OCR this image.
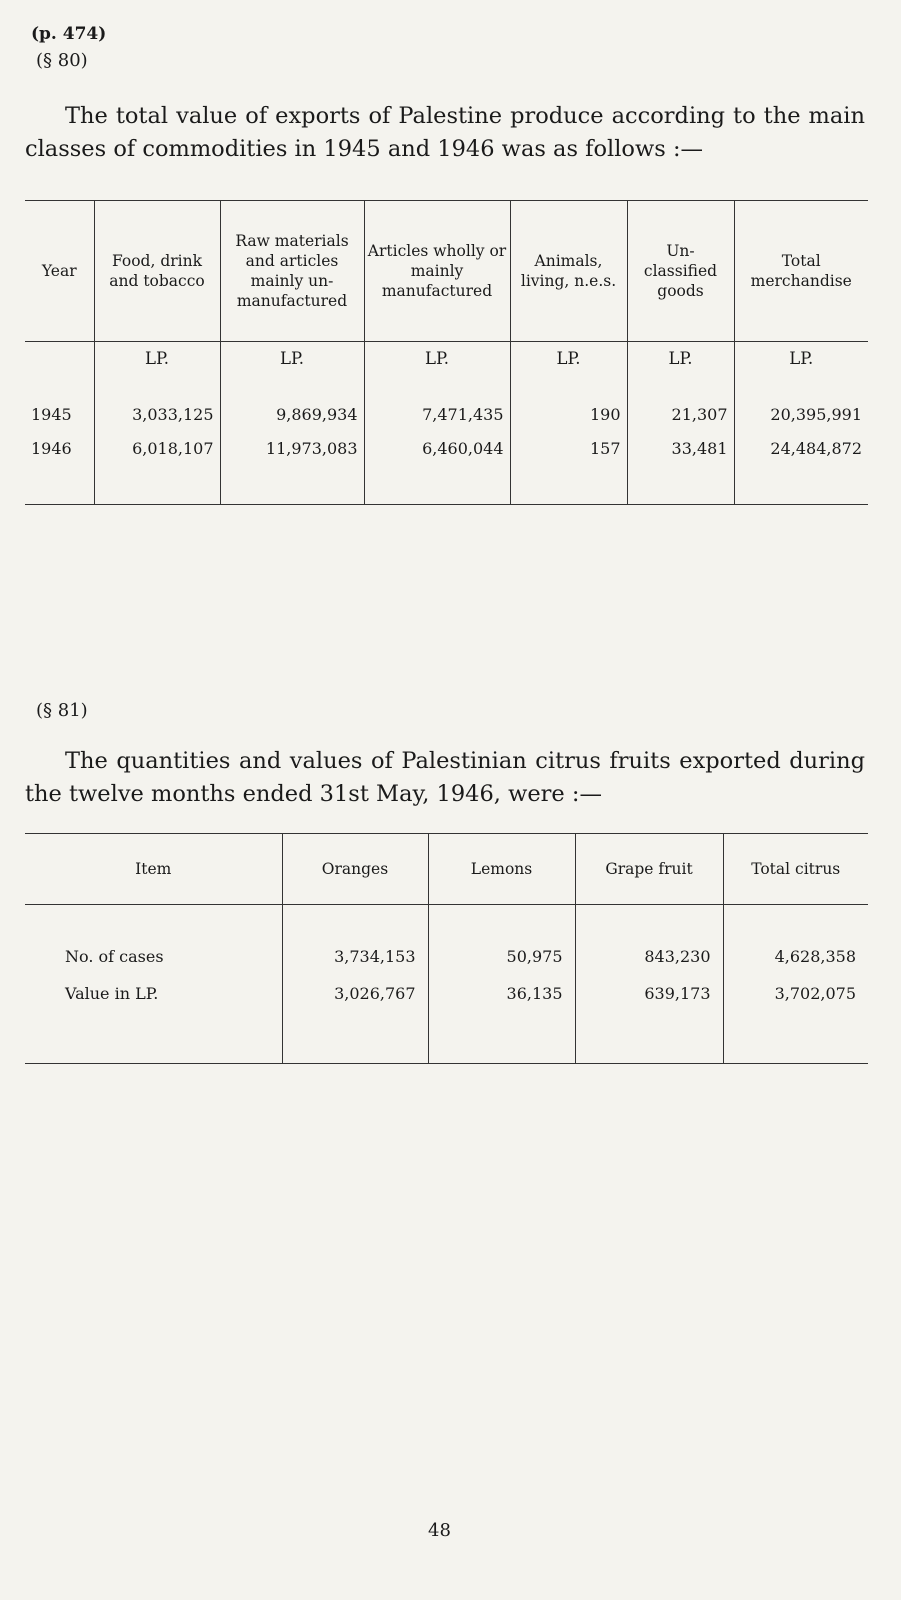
(p. 474)
(§ 80)

The total value of exports of Palestine produce according to the main classes of commodities in 1945 and 1946 was as follows :—

Year	Food, drink and tobacco	Raw materials and articles mainly un- manufactured	Articles wholly or mainly manufactured	Animals, living, n.e.s.	Un- classified goods	Total merchandise
	LP.	LP.	LP.	LP.	LP.	LP.
1945	3,033,125	9,869,934	7,471,435	190	21,307	20,395,991
1946	6,018,107	11,973,083	6,460,044	157	33,481	24,484,872

(§ 81)

The quantities and values of Palestinian citrus fruits exported during the twelve months ended 31st May, 1946, were :—

Item	Oranges	Lemons	Grape fruit	Total citrus
No. of cases	3,734,153	50,975	843,230	4,628,358
Value in LP.	3,026,767	36,135	639,173	3,702,075

48
